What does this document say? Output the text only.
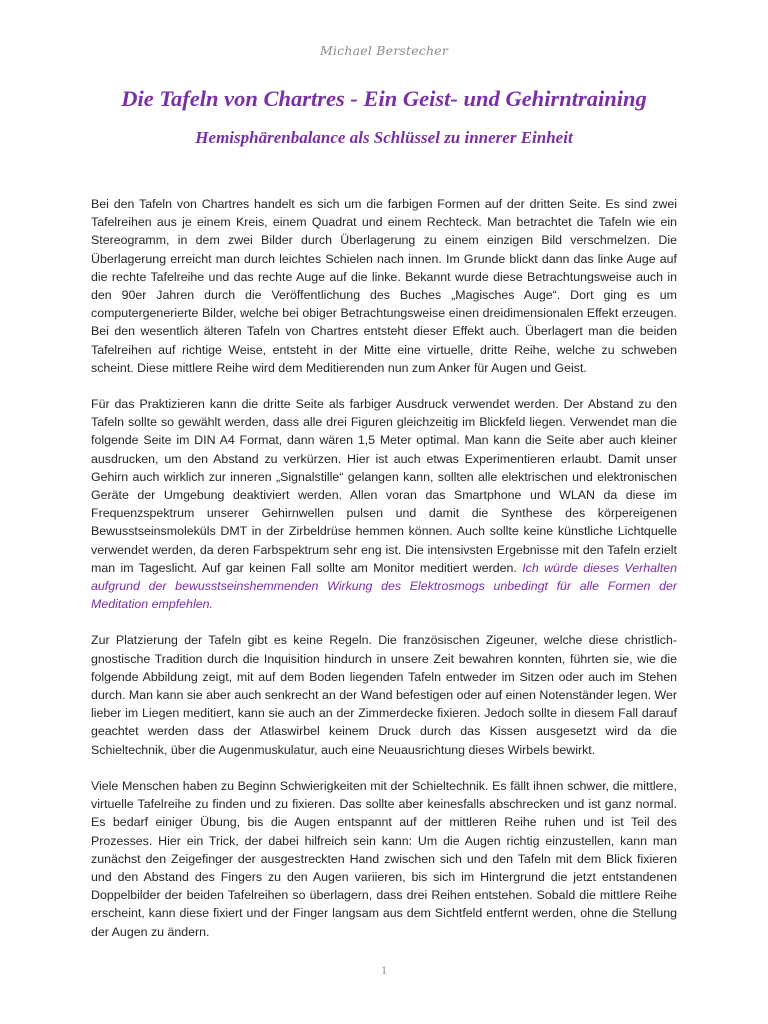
Michael Berstecher
Die Tafeln von Chartres - Ein Geist- und Gehirntraining
Hemisphärenbalance als Schlüssel zu innerer Einheit

Bei den Tafeln von Chartres handelt es sich um die farbigen Formen auf der dritten Seite. Es sind zwei Tafelreihen aus je einem Kreis, einem Quadrat und einem Rechteck. Man betrachtet die Tafeln wie ein Stereogramm, in dem zwei Bilder durch Überlagerung zu einem einzigen Bild verschmelzen. Die Überlagerung erreicht man durch leichtes Schielen nach innen. Im Grunde blickt dann das linke Auge auf die rechte Tafelreihe und das rechte Auge auf die linke. Bekannt wurde diese Betrachtungsweise auch in den 90er Jahren durch die Veröffentlichung des Buches „Magisches Auge“. Dort ging es um computergenerierte Bilder, welche bei obiger Betrachtungsweise einen dreidimensionalen Effekt erzeugen. Bei den wesentlich älteren Tafeln von Chartres entsteht dieser Effekt auch. Überlagert man die beiden Tafelreihen auf richtige Weise, entsteht in der Mitte eine virtuelle, dritte Reihe, welche zu schweben scheint. Diese mittlere Reihe wird dem Meditierenden nun zum Anker für Augen und Geist.

Für das Praktizieren kann die dritte Seite als farbiger Ausdruck verwendet werden. Der Abstand zu den Tafeln sollte so gewählt werden, dass alle drei Figuren gleichzeitig im Blickfeld liegen. Verwendet man die folgende Seite im DIN A4 Format, dann wären 1,5 Meter optimal. Man kann die Seite aber auch kleiner ausdrucken, um den Abstand zu verkürzen. Hier ist auch etwas Experimentieren erlaubt. Damit unser Gehirn auch wirklich zur inneren „Signalstille“ gelangen kann, sollten alle elektrischen und elektronischen Geräte der Umgebung deaktiviert werden. Allen voran das Smartphone und WLAN da diese im Frequenzspektrum unserer Gehirnwellen pulsen und damit die Synthese des körpereigenen Bewusstseinsmoleküls DMT in der Zirbeldrüse hemmen können. Auch sollte keine künstliche Lichtquelle verwendet werden, da deren Farbspektrum sehr eng ist. Die intensivsten Ergebnisse mit den Tafeln erzielt man im Tageslicht. Auf gar keinen Fall sollte am Monitor meditiert werden. Ich würde dieses Verhalten aufgrund der bewusstseinshemmenden Wirkung des Elektrosmogs unbedingt für alle Formen der Meditation empfehlen.

Zur Platzierung der Tafeln gibt es keine Regeln. Die französischen Zigeuner, welche diese christlich-gnostische Tradition durch die Inquisition hindurch in unsere Zeit bewahren konnten, führten sie, wie die folgende Abbildung zeigt, mit auf dem Boden liegenden Tafeln entweder im Sitzen oder auch im Stehen durch. Man kann sie aber auch senkrecht an der Wand befestigen oder auf einen Notenständer legen. Wer lieber im Liegen meditiert, kann sie auch an der Zimmerdecke fixieren. Jedoch sollte in diesem Fall darauf geachtet werden dass der Atlaswirbel keinem Druck durch das Kissen ausgesetzt wird da die Schieltechnik, über die Augenmuskulatur, auch eine Neuausrichtung dieses Wirbels bewirkt.

Viele Menschen haben zu Beginn Schwierigkeiten mit der Schieltechnik. Es fällt ihnen schwer, die mittlere, virtuelle Tafelreihe zu finden und zu fixieren. Das sollte aber keinesfalls abschrecken und ist ganz normal. Es bedarf einiger Übung, bis die Augen entspannt auf der mittleren Reihe ruhen und ist Teil des Prozesses. Hier ein Trick, der dabei hilfreich sein kann: Um die Augen richtig einzustellen, kann man zunächst den Zeigefinger der ausgestreckten Hand zwischen sich und den Tafeln mit dem Blick fixieren und den Abstand des Fingers zu den Augen variieren, bis sich im Hintergrund die jetzt entstandenen Doppelbilder der beiden Tafelreihen so überlagern, dass drei Reihen entstehen. Sobald die mittlere Reihe erscheint, kann diese fixiert und der Finger langsam aus dem Sichtfeld entfernt werden, ohne die Stellung der Augen zu ändern.

1
